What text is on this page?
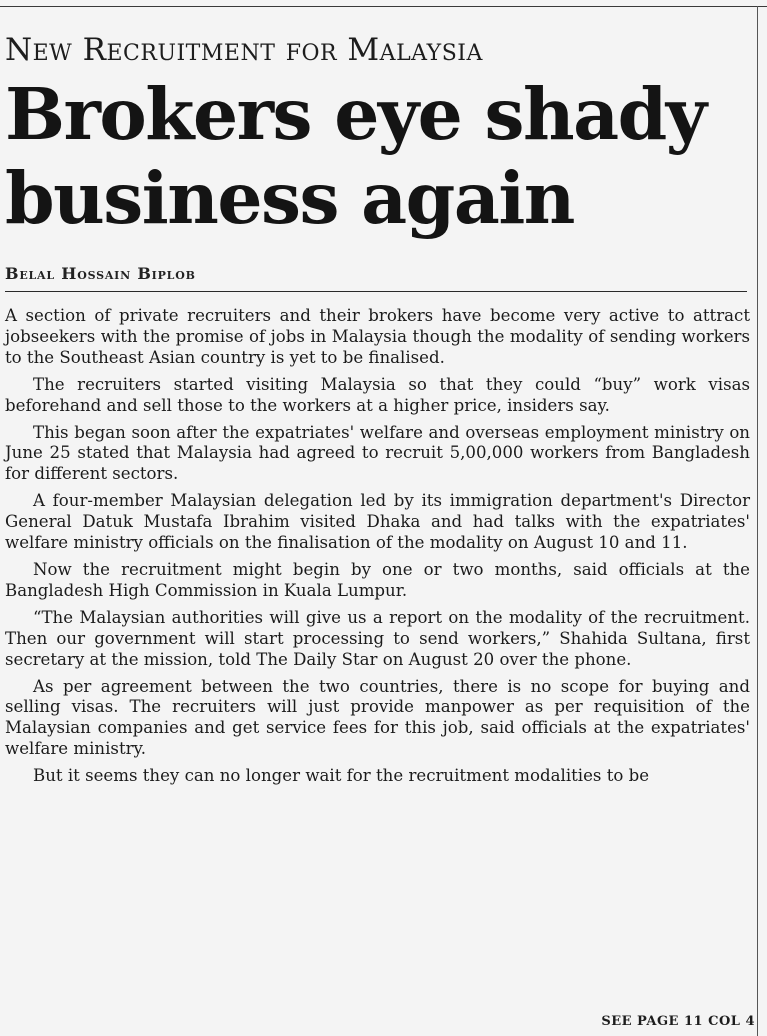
New Recruitment for Malaysia
Brokers eye shady
business again
Belal Hossain Biplob

A section of private recruiters and their brokers have become very active to attract jobseekers with the promise of jobs in Malaysia though the modality of sending workers to the Southeast Asian country is yet to be finalised.

The recruiters started visiting Malaysia so that they could “buy” work visas beforehand and sell those to the workers at a higher price, insiders say.

This began soon after the expatriates' welfare and overseas employment ministry on June 25 stated that Malaysia had agreed to recruit 5,00,000 workers from Bangladesh for different sectors.

A four-member Malaysian delegation led by its immigration department's Director General Datuk Mustafa Ibrahim visited Dhaka and had talks with the expatriates' welfare ministry officials on the finalisation of the modality on August 10 and 11.

Now the recruitment might begin by one or two months, said officials at the Bangladesh High Commission in Kuala Lumpur.

“The Malaysian authorities will give us a report on the modality of the recruitment. Then our government will start processing to send workers,” Shahida Sultana, first secretary at the mission, told The Daily Star on August 20 over the phone.

As per agreement between the two countries, there is no scope for buying and selling visas. The recruiters will just provide manpower as per requisition of the Malaysian companies and get service fees for this job, said officials at the expatriates' welfare ministry.

But it seems they can no longer wait for the recruitment modalities to be

SEE PAGE 11 COL 4
